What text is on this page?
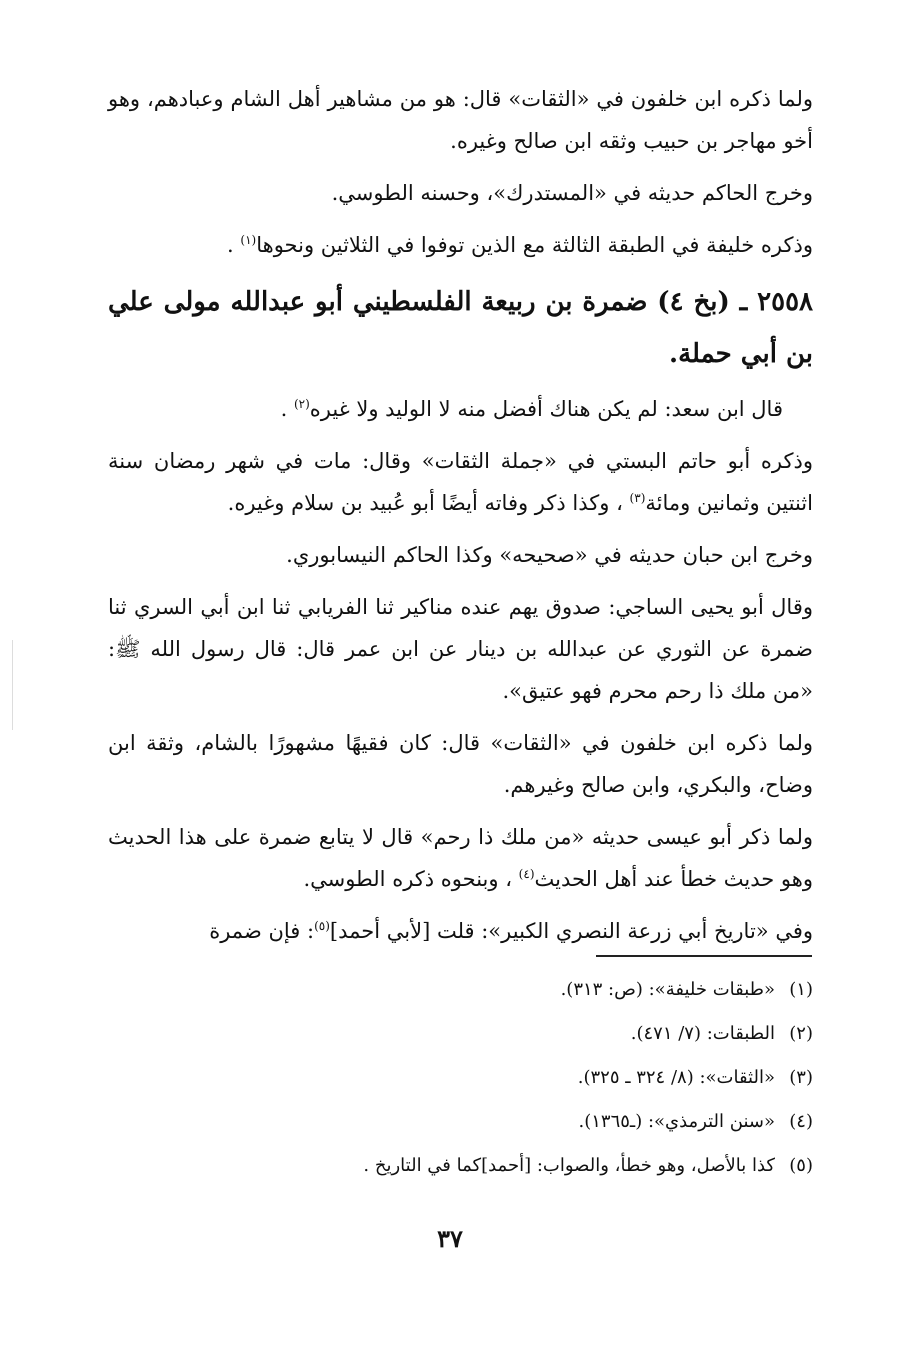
ولما ذكره ابن خلفون في «الثقات» قال: هو من مشاهير أهل الشام وعبادهم، وهو أخو مهاجر بن حبيب وثقه ابن صالح وغيره.

وخرج الحاكم حديثه في «المستدرك»، وحسنه الطوسي.

وذكره خليفة في الطبقة الثالثة مع الذين توفوا في الثلاثين ونحوها$^{(١)}$ .

٢٥٥٨ ـ (بخ ٤) ضمرة بن ربيعة الفلسطيني أبو عبدالله مولى علي بن أبي حملة.

قال ابن سعد: لم يكن هناك أفضل منه لا الوليد ولا غيره$^{(٢)}$ .

وذكره أبو حاتم البستي في «جملة الثقات» وقال: مات في شهر رمضان سنة اثنتين وثمانين ومائة$^{(٣)}$ ، وكذا ذكر وفاته أيضًا أبو عُبيد بن سلام وغيره.

وخرج ابن حبان حديثه في «صحيحه» وكذا الحاكم النيسابوري.

وقال أبو يحيى الساجي: صدوق يهم عنده مناكير ثنا الفريابي ثنا ابن أبي السري ثنا ضمرة عن الثوري عن عبدالله بن دينار عن ابن عمر قال: قال رسول الله ﷺ: «من ملك ذا رحم محرم فهو عتيق».

ولما ذكره ابن خلفون في «الثقات» قال: كان فقيهًا مشهورًا بالشام، وثقة ابن وضاح، والبكري، وابن صالح وغيرهم.

ولما ذكر أبو عيسى حديثه «من ملك ذا رحم» قال لا يتابع ضمرة على هذا الحديث وهو حديث خطأ عند أهل الحديث$^{(٤)}$ ، وبنحوه ذكره الطوسي.

وفي «تاريخ أبي زرعة النصري الكبير»: قلت [لأبي أحمد]$^{(٥)}$: فإن ضمرة

(١)«طبقات خليفة»: (ص: ٣١٣).
(٢)الطبقات: (٧/ ٤٧١).
(٣)«الثقات»: (٨/ ٣٢٤ ـ ٣٢٥).
(٤)«سنن الترمذي»: (ـ١٣٦٥).
(٥)كذا بالأصل، وهو خطأ، والصواب: [أحمد]كما في التاريخ .
٣٧
